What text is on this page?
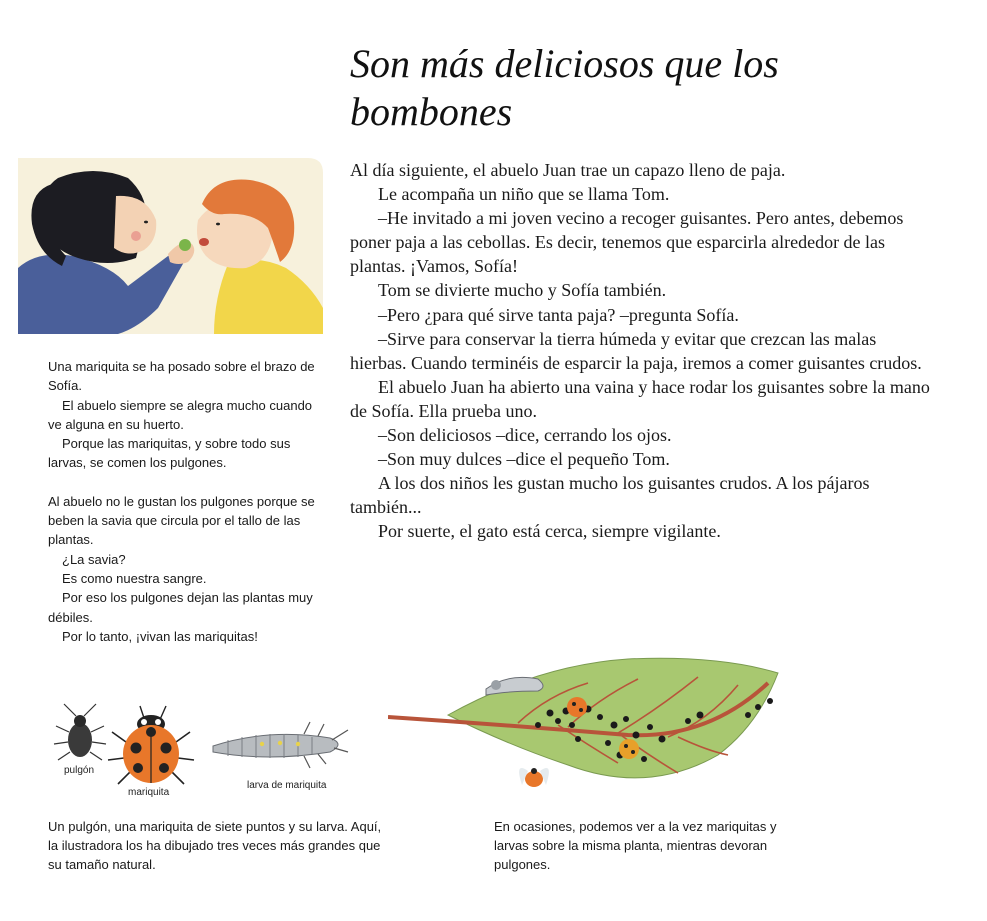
Son más deliciosos que los bombones

Al día siguiente, el abuelo Juan trae un capazo lleno de paja.

Le acompaña un niño que se llama Tom.

–He invitado a mi joven vecino a recoger guisantes. Pero antes, debemos poner paja a las cebollas. Es decir, tenemos que esparcirla alrededor de las plantas. ¡Vamos, Sofía!

Tom se divierte mucho y Sofía también.

–Pero ¿para qué sirve tanta paja? –pregunta Sofía.

–Sirve para conservar la tierra húmeda y evitar que crezcan las malas hierbas. Cuando terminéis de esparcir la paja, iremos a comer guisantes crudos.

El abuelo Juan ha abierto una vaina y hace rodar los guisantes sobre la mano de Sofía. Ella prueba uno.

–Son deliciosos –dice, cerrando los ojos.

–Son muy dulces –dice el pequeño Tom.

A los dos niños les gustan mucho los guisantes crudos. A los pájaros también...

Por suerte, el gato está cerca, siempre vigilante.

Una mariquita se ha posado sobre el brazo de Sofía.

El abuelo siempre se alegra mucho cuando ve alguna en su huerto.

Porque las mariquitas, y sobre todo sus larvas, se comen los pulgones.

Al abuelo no le gustan los pulgones porque se beben la savia que circula por el tallo de las plantas.

¿La savia?

Es como nuestra sangre.

Por eso los pulgones dejan las plantas muy débiles.

Por lo tanto, ¡vivan las mariquitas!

pulgón
mariquita
larva de mariquita

Un pulgón, una mariquita de siete puntos y su larva. Aquí, la ilustradora los ha dibujado tres veces más grandes que su tamaño natural.

En ocasiones, podemos ver a la vez mariquitas y larvas sobre la misma planta, mientras devoran pulgones.
